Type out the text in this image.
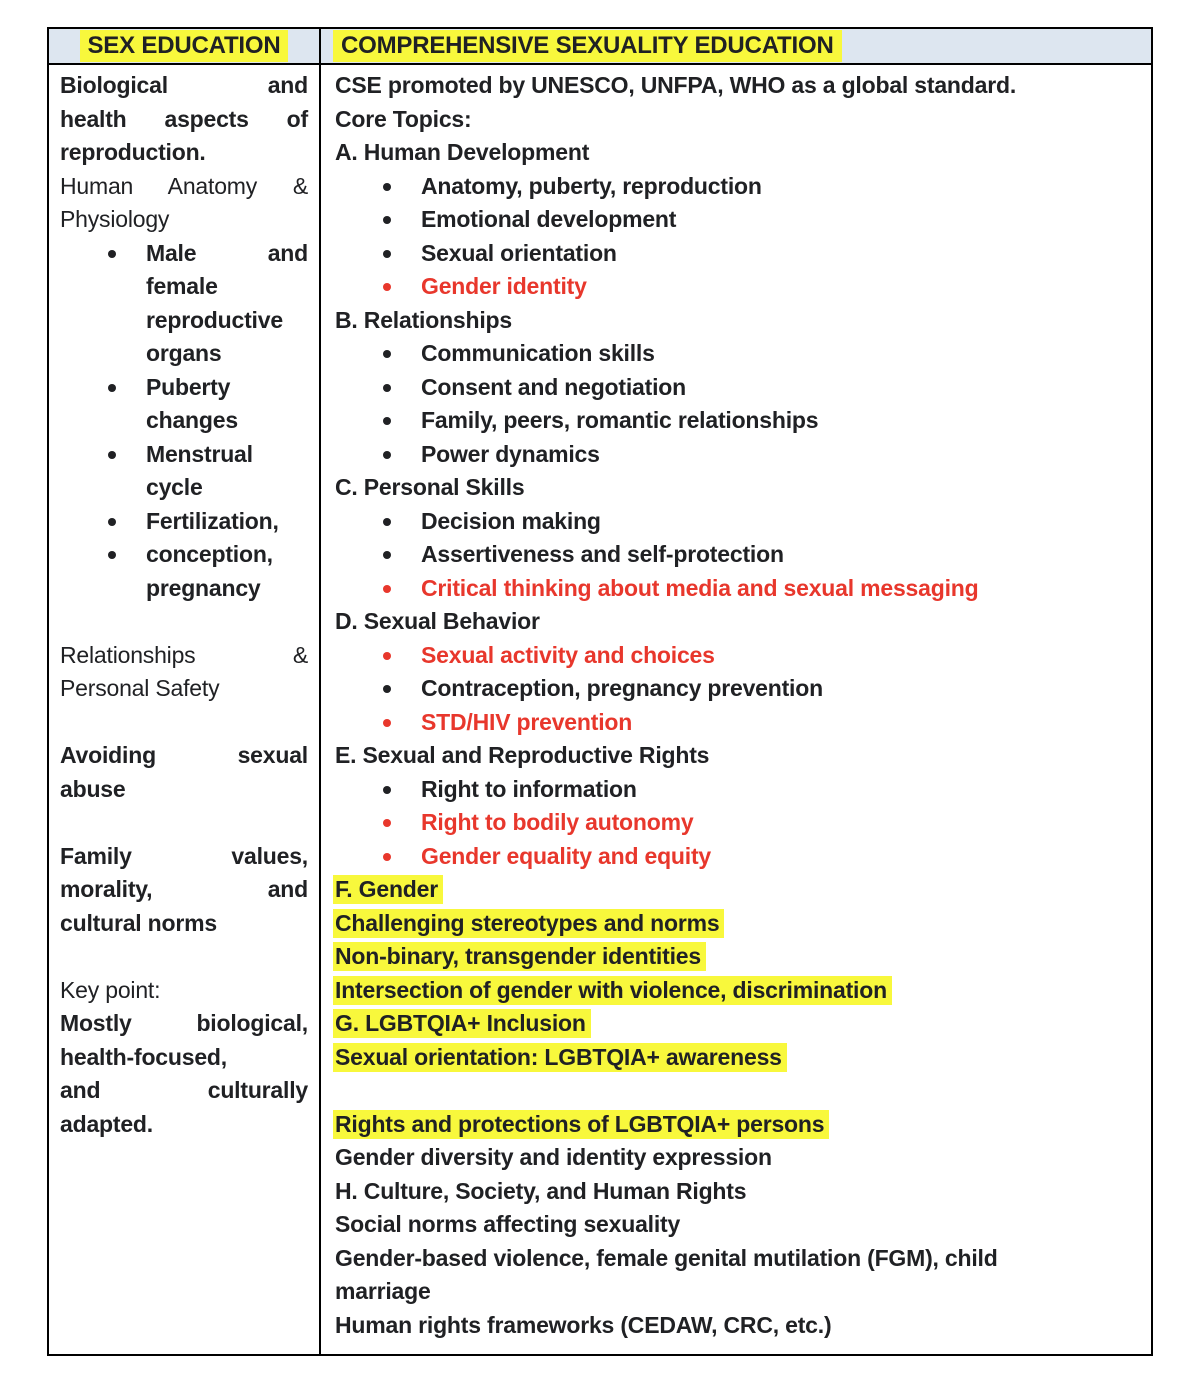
SEX EDUCATION	COMPREHENSIVE SEXUALITY EDUCATION
Biological and
health aspects of
reproduction.
Human Anatomy &
Physiology
Male and
female
reproductive
organs
Puberty
changes
Menstrual
cycle
Fertilization,
conception,
pregnancy
Relationships &
Personal Safety
Avoiding sexual
abuse
Family values,
morality, and
cultural norms
Key point:
Mostly biological,
health-focused,
and culturally
adapted.
CSE promoted by UNESCO, UNFPA, WHO as a global standard.
Core Topics:
A. Human Development
Anatomy, puberty, reproduction
Emotional development
Sexual orientation
Gender identity
B. Relationships
Communication skills
Consent and negotiation
Family, peers, romantic relationships
Power dynamics
C. Personal Skills
Decision making
Assertiveness and self-protection
Critical thinking about media and sexual messaging
D. Sexual Behavior
Sexual activity and choices
Contraception, pregnancy prevention
STD/HIV prevention
E. Sexual and Reproductive Rights
Right to information
Right to bodily autonomy
Gender equality and equity
F. Gender
Challenging stereotypes and norms
Non-binary, transgender identities
Intersection of gender with violence, discrimination
G. LGBTQIA+ Inclusion
Sexual orientation: LGBTQIA+ awareness
Rights and protections of LGBTQIA+ persons
Gender diversity and identity expression
H. Culture, Society, and Human Rights
Social norms affecting sexuality
Gender-based violence, female genital mutilation (FGM), child
marriage
Human rights frameworks (CEDAW, CRC, etc.)
